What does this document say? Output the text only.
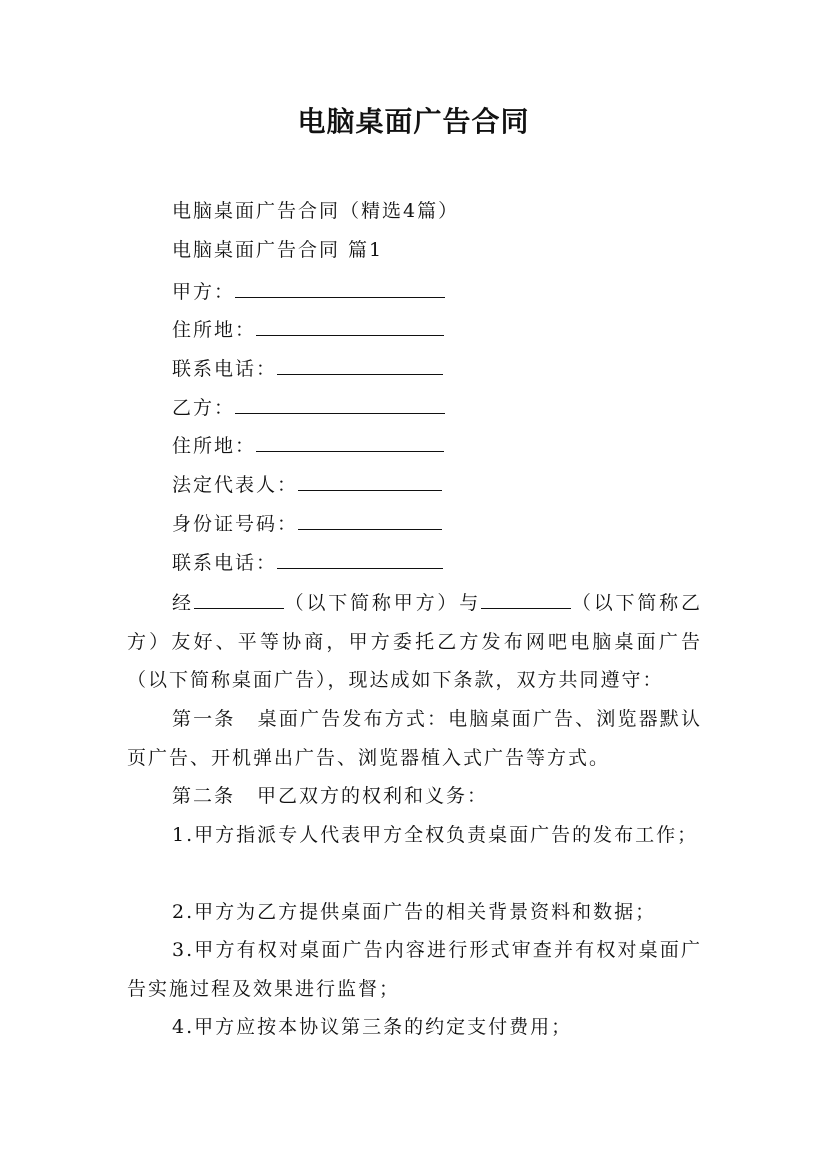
电脑桌面广告合同
电脑桌面广告合同（精选4篇）
电脑桌面广告合同 篇1
甲方：
住所地：
联系电话：
乙方：
住所地：
法定代表人：
身份证号码：
联系电话：
经	（以下简称甲方）与	（以下简称乙方）友好、平等协商，甲方委托乙方发布网吧电脑桌面广告（以下简称桌面广告），现达成如下条款，双方共同遵守：
第一条 桌面广告发布方式：电脑桌面广告、浏览器默认页广告、开机弹出广告、浏览器植入式广告等方式。
第二条 甲乙双方的权利和义务：
1.甲方指派专人代表甲方全权负责桌面广告的发布工作；
2.甲方为乙方提供桌面广告的相关背景资料和数据；
3.甲方有权对桌面广告内容进行形式审查并有权对桌面广告实施过程及效果进行监督；
4.甲方应按本协议第三条的约定支付费用；
